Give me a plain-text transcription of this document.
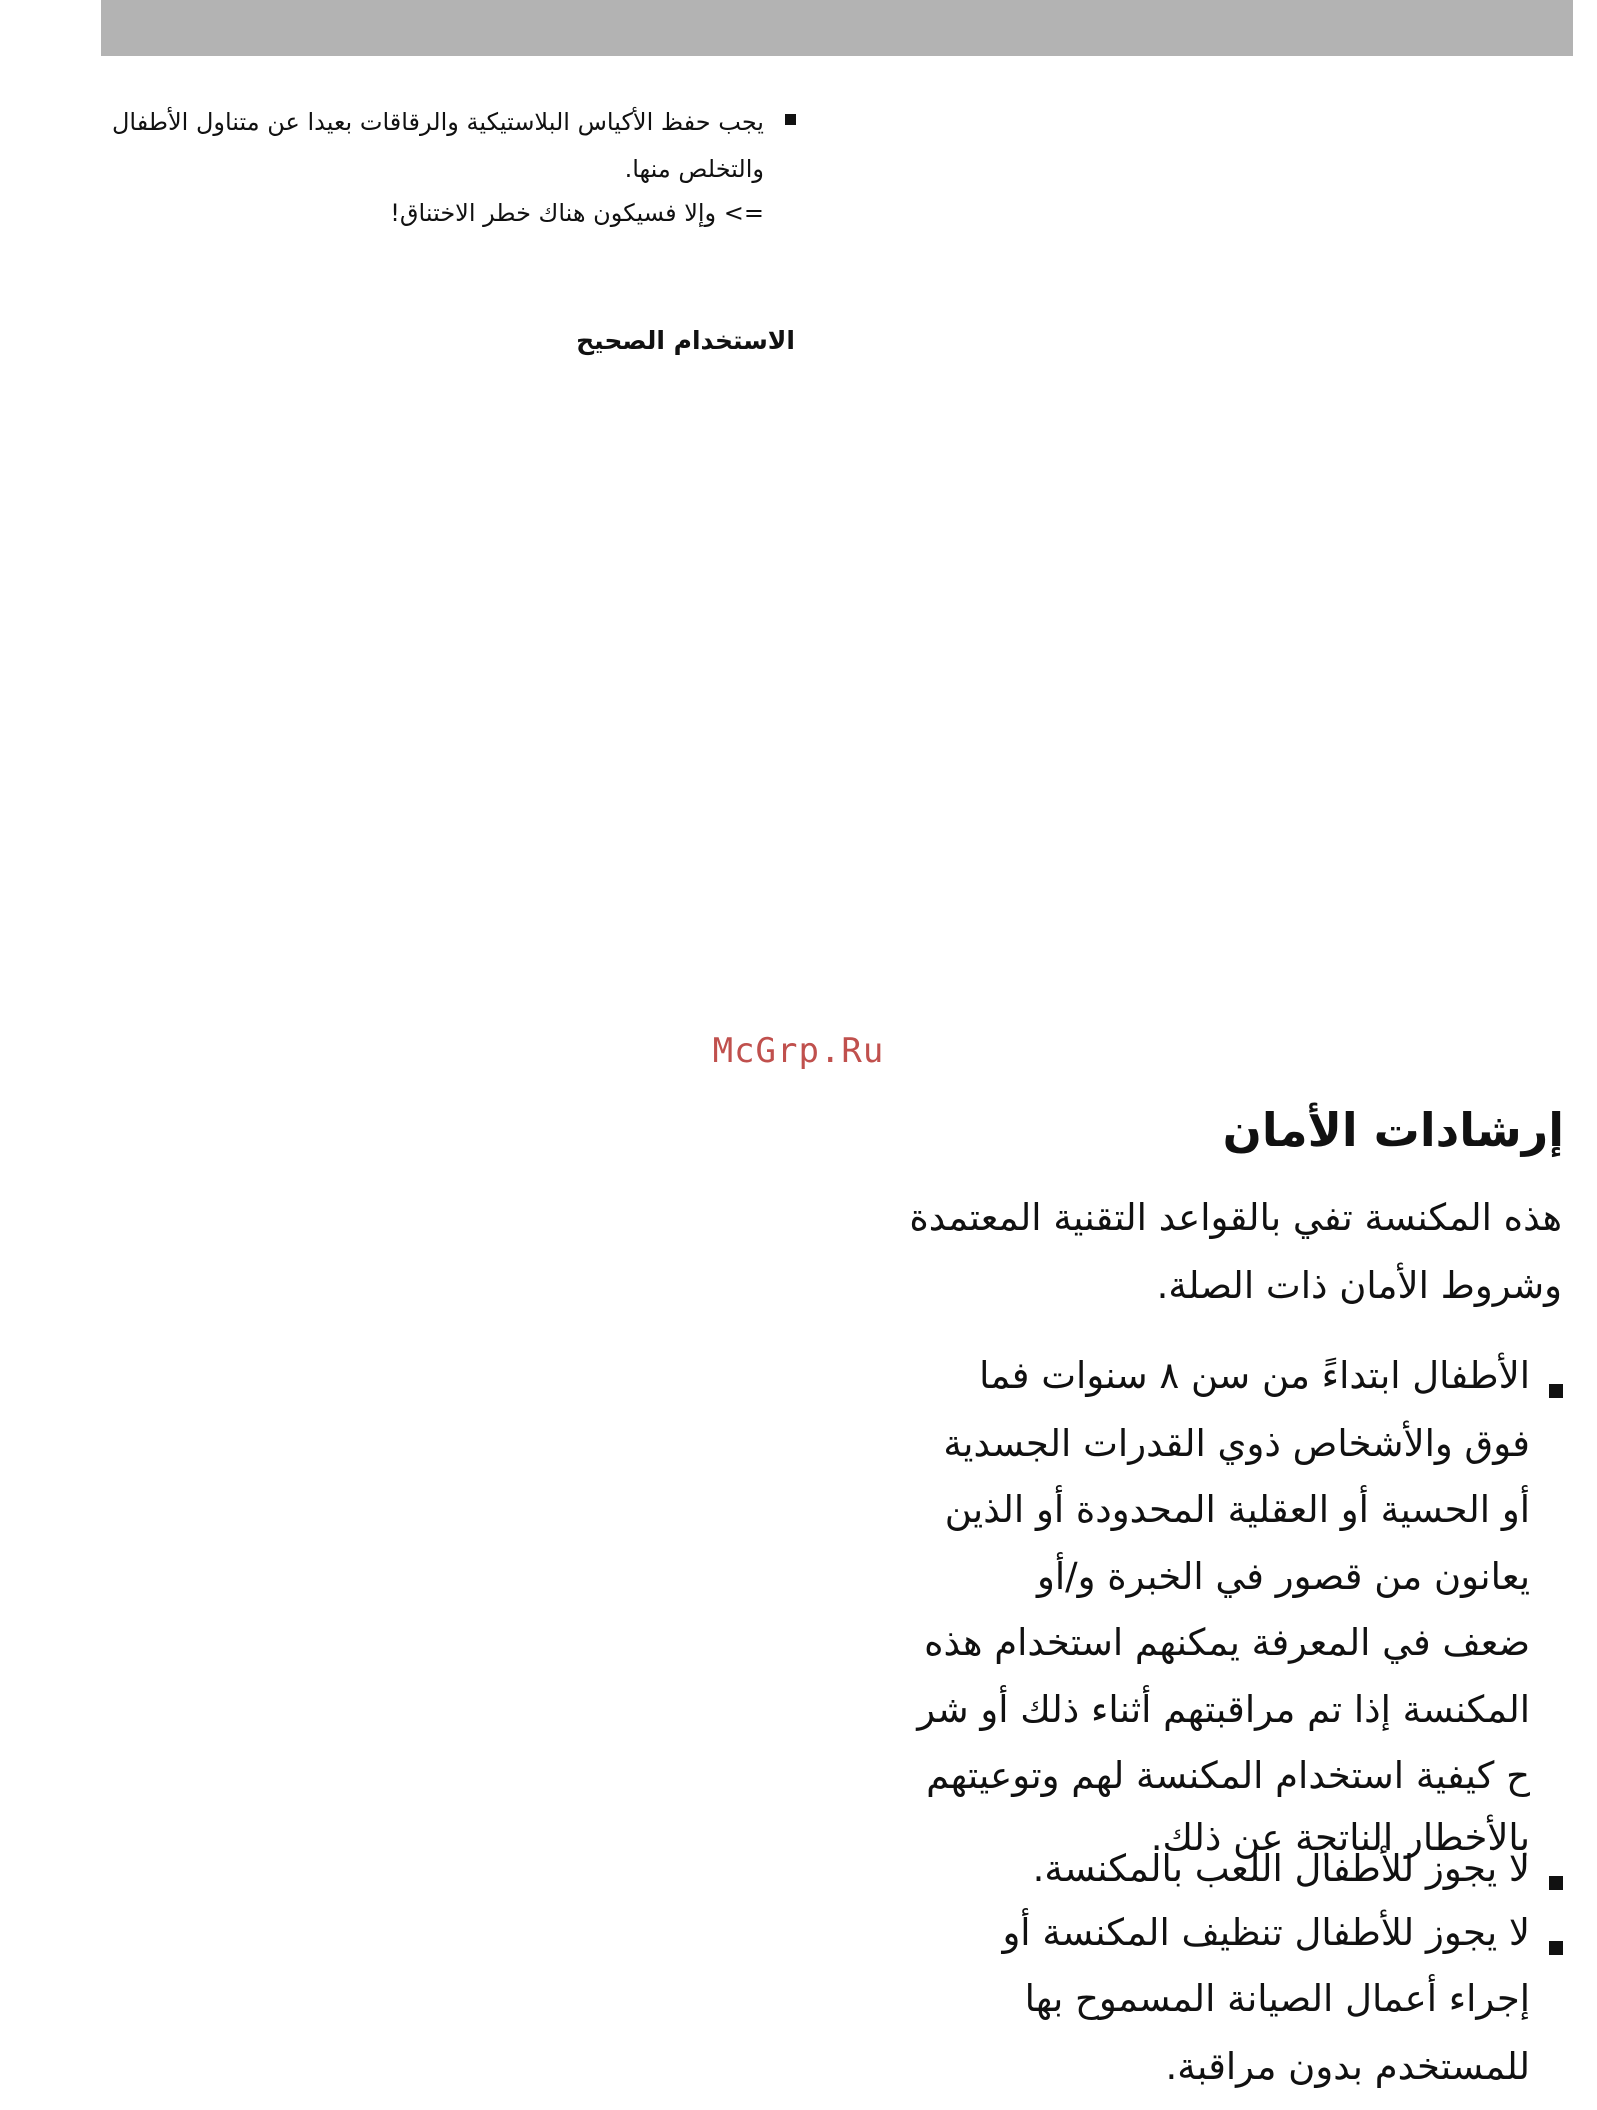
يجب حفظ الأكياس البلاستيكية والرقاقات بعيدا عن متناول الأطفال
والتخلص منها.
=> وإلا فسيكون هناك خطر الاختناق!
الاستخدام الصحيح
McGrp.Ru
إرشادات الأمان
هذه المكنسة تفي بالقواعد التقنية المعتمدة
وشروط الأمان ذات الصلة.
الأطفال ابتداءً من سن ٨ سنوات فما
فوق والأشخاص ذوي القدرات الجسدية
أو الحسية أو العقلية المحدودة أو الذين
يعانون من قصور في الخبرة و/أو
ضعف في المعرفة يمكنهم استخدام هذه
المكنسة إذا تم مراقبتهم أثناء ذلك أو شر
ح كيفية استخدام المكنسة لهم وتوعيتهم
بالأخطار الناتجة عن ذلك.
لا يجوز للأطفال اللعب بالمكنسة.
لا يجوز للأطفال تنظيف المكنسة أو
إجراء أعمال الصيانة المسموح بها
للمستخدم بدون مراقبة.
